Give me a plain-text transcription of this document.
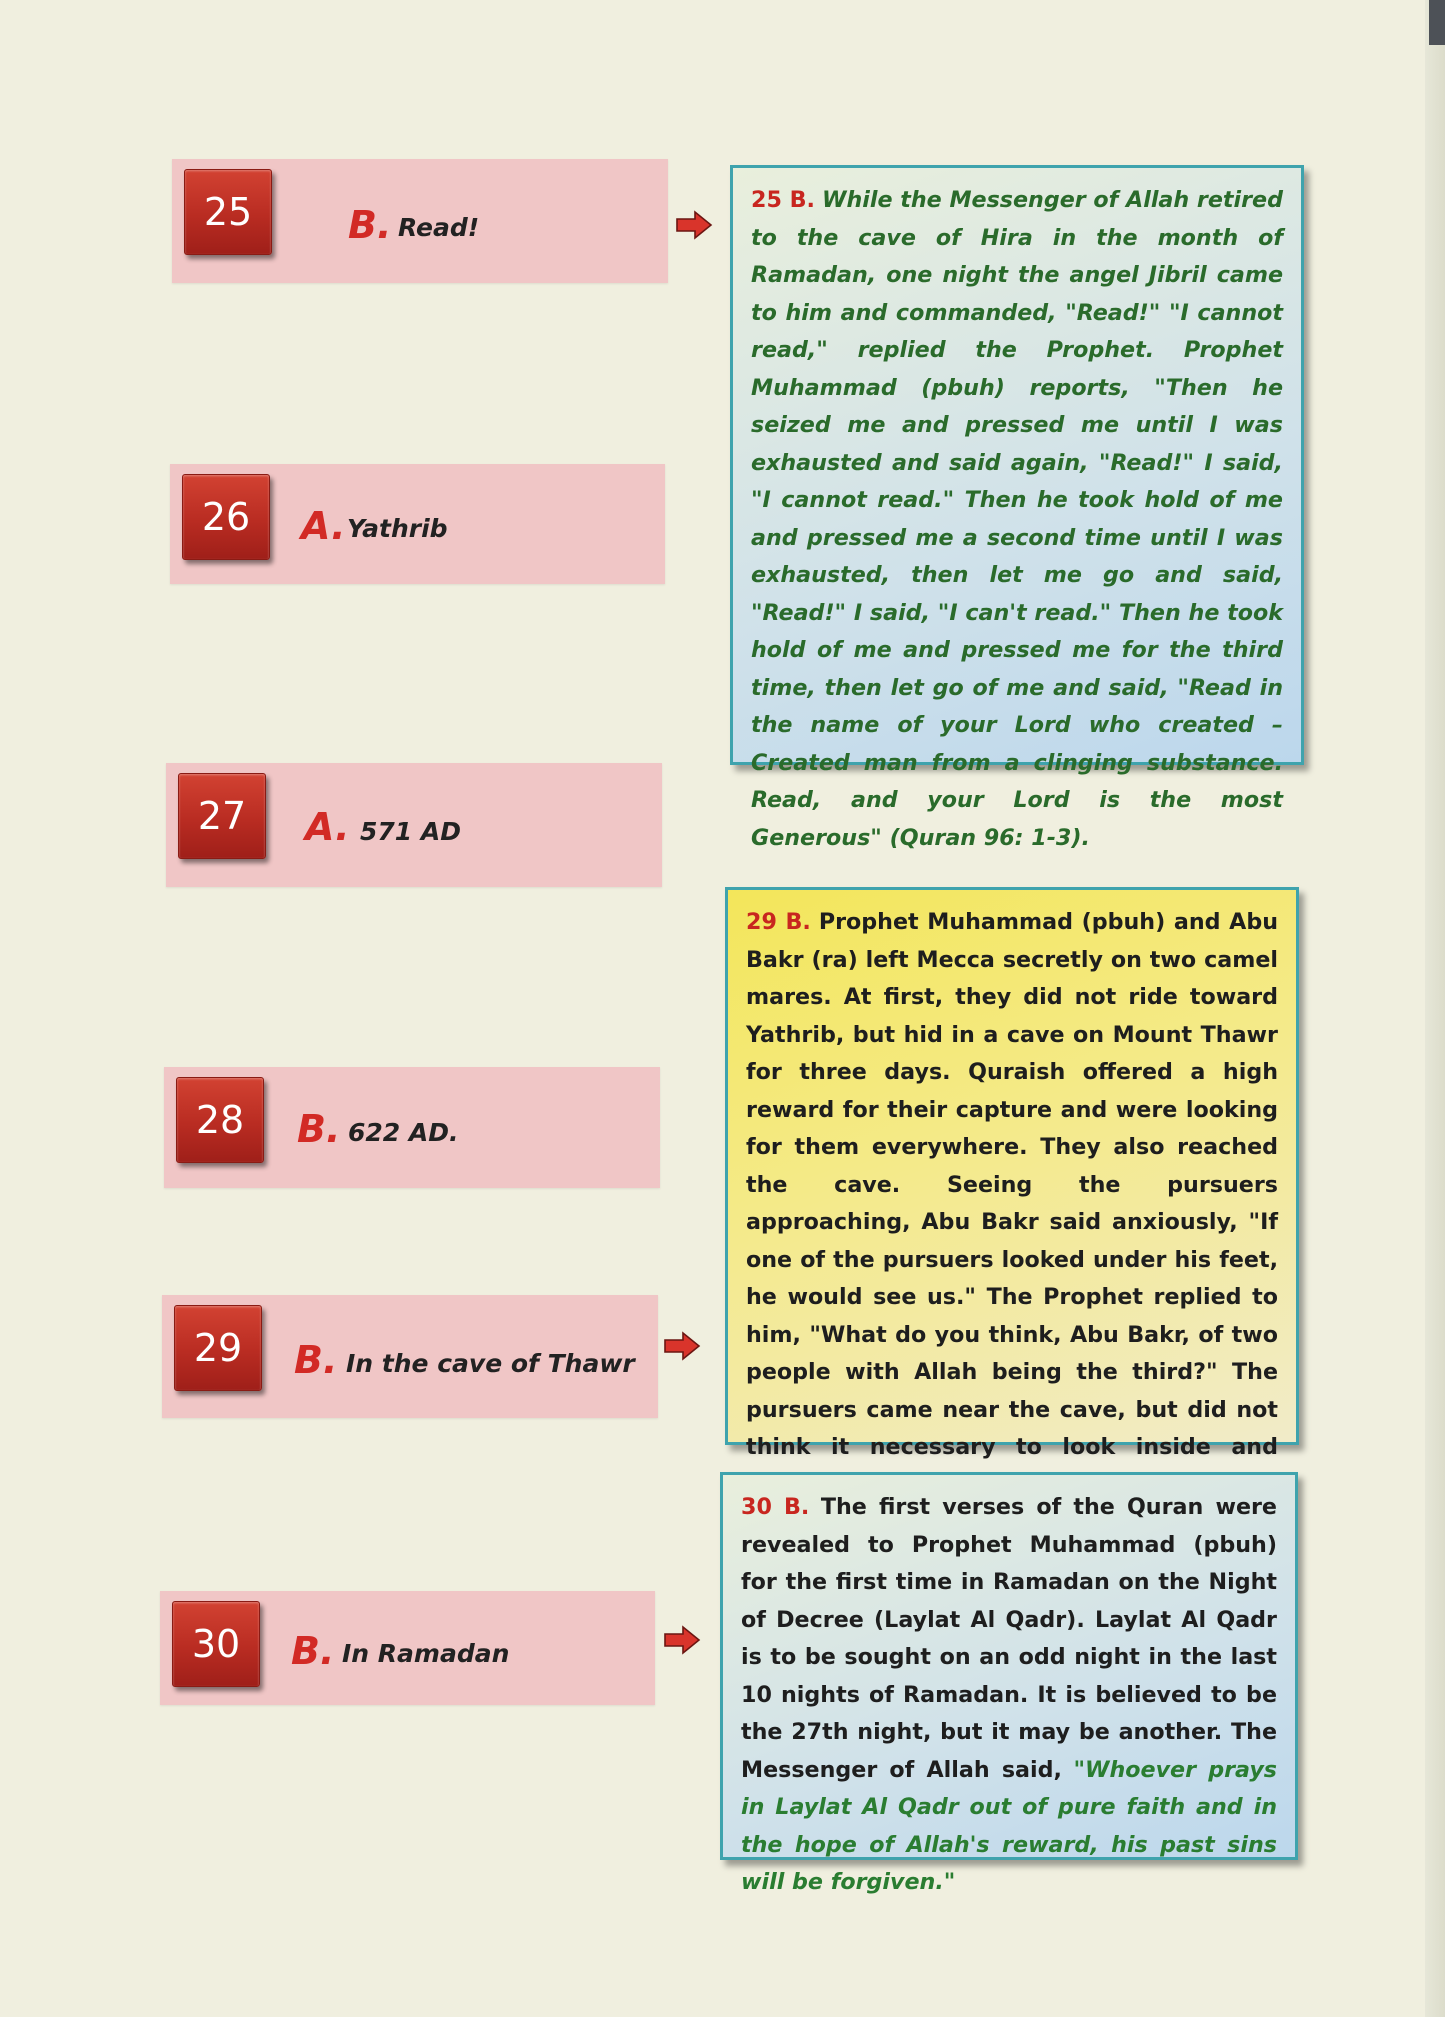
25	B. Read!
26	A. Yathrib
27	A. 571 AD
28	B. 622 AD.
29	B. In the cave of Thawr
30	B. In Ramadan

25 B. While the Messenger of Allah retired to the cave of Hira in the month of Ramadan, one night the angel Jibril came to him and commanded, "Read!" "I cannot read," replied the Prophet. Prophet Muhammad (pbuh) reports, "Then he seized me and pressed me until I was exhausted and said again, "Read!" I said, "I cannot read." Then he took hold of me and pressed me a second time until I was exhausted, then let me go and said, "Read!" I said, "I can't read." Then he took hold of me and pressed me for the third time, then let go of me and said, "Read in the name of your Lord who created – Created man from a clinging substance. Read, and your Lord is the most Generous" (Quran 96: 1-3).

29 B. Prophet Muhammad (pbuh) and Abu Bakr (ra) left Mecca secretly on two camel mares. At first, they did not ride toward Yathrib, but hid in a cave on Mount Thawr for three days. Quraish offered a high reward for their capture and were looking for them everywhere. They also reached the cave. Seeing the pursuers approaching, Abu Bakr said anxiously, "If one of the pursuers looked under his feet, he would see us." The Prophet replied to him, "What do you think, Abu Bakr, of two people with Allah being the third?" The pursuers came near the cave, but did not think it necessary to look inside and

30 B. The first verses of the Quran were revealed to Prophet Muhammad (pbuh) for the first time in Ramadan on the Night of Decree (Laylat Al Qadr). Laylat Al Qadr is to be sought on an odd night in the last 10 nights of Ramadan. It is believed to be the 27th night, but it may be another. The Messenger of Allah said, "Whoever prays in Laylat Al Qadr out of pure faith and in the hope of Allah's reward, his past sins will be forgiven."
